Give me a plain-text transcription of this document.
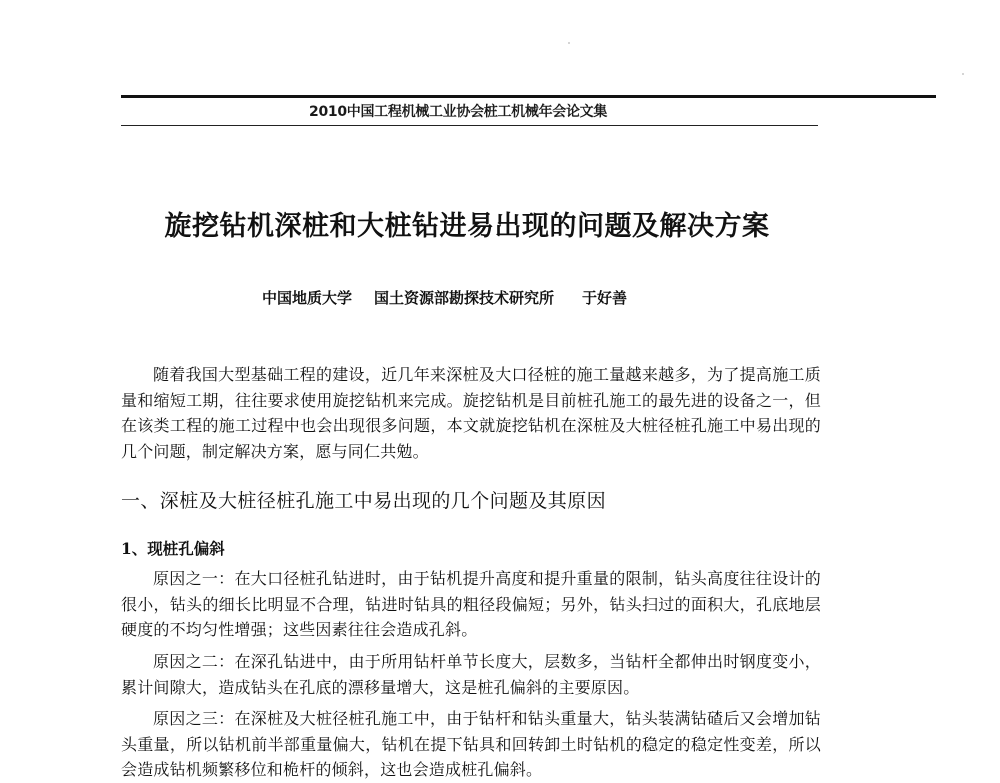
2010中国工程机械工业协会桩工机械年会论文集
旋挖钻机深桩和大桩钻进易出现的问题及解决方案
中国地质大学 国土资源部勘探技术研究所 于好善
随着我国大型基础工程的建设，近几年来深桩及大口径桩的施工量越来越多，为了提高施工质量和缩短工期，往往要求使用旋挖钻机来完成。旋挖钻机是目前桩孔施工的最先进的设备之一，但在该类工程的施工过程中也会出现很多问题，本文就旋挖钻机在深桩及大桩径桩孔施工中易出现的几个问题，制定解决方案，愿与同仁共勉。
一、深桩及大桩径桩孔施工中易出现的几个问题及其原因
1、现桩孔偏斜
原因之一：在大口径桩孔钻进时，由于钻机提升高度和提升重量的限制，钻头高度往往设计的很小，钻头的细长比明显不合理，钻进时钻具的粗径段偏短；另外，钻头扫过的面积大，孔底地层硬度的不均匀性增强；这些因素往往会造成孔斜。
原因之二：在深孔钻进中，由于所用钻杆单节长度大，层数多，当钻杆全都伸出时钢度变小，累计间隙大，造成钻头在孔底的漂移量增大，这是桩孔偏斜的主要原因。
原因之三：在深桩及大桩径桩孔施工中，由于钻杆和钻头重量大，钻头装满钻碴后又会增加钻头重量，所以钻机前半部重量偏大，钻机在提下钻具和回转卸土时钻机的稳定的稳定性变差，所以会造成钻机频繁移位和桅杆的倾斜，这也会造成桩孔偏斜。
